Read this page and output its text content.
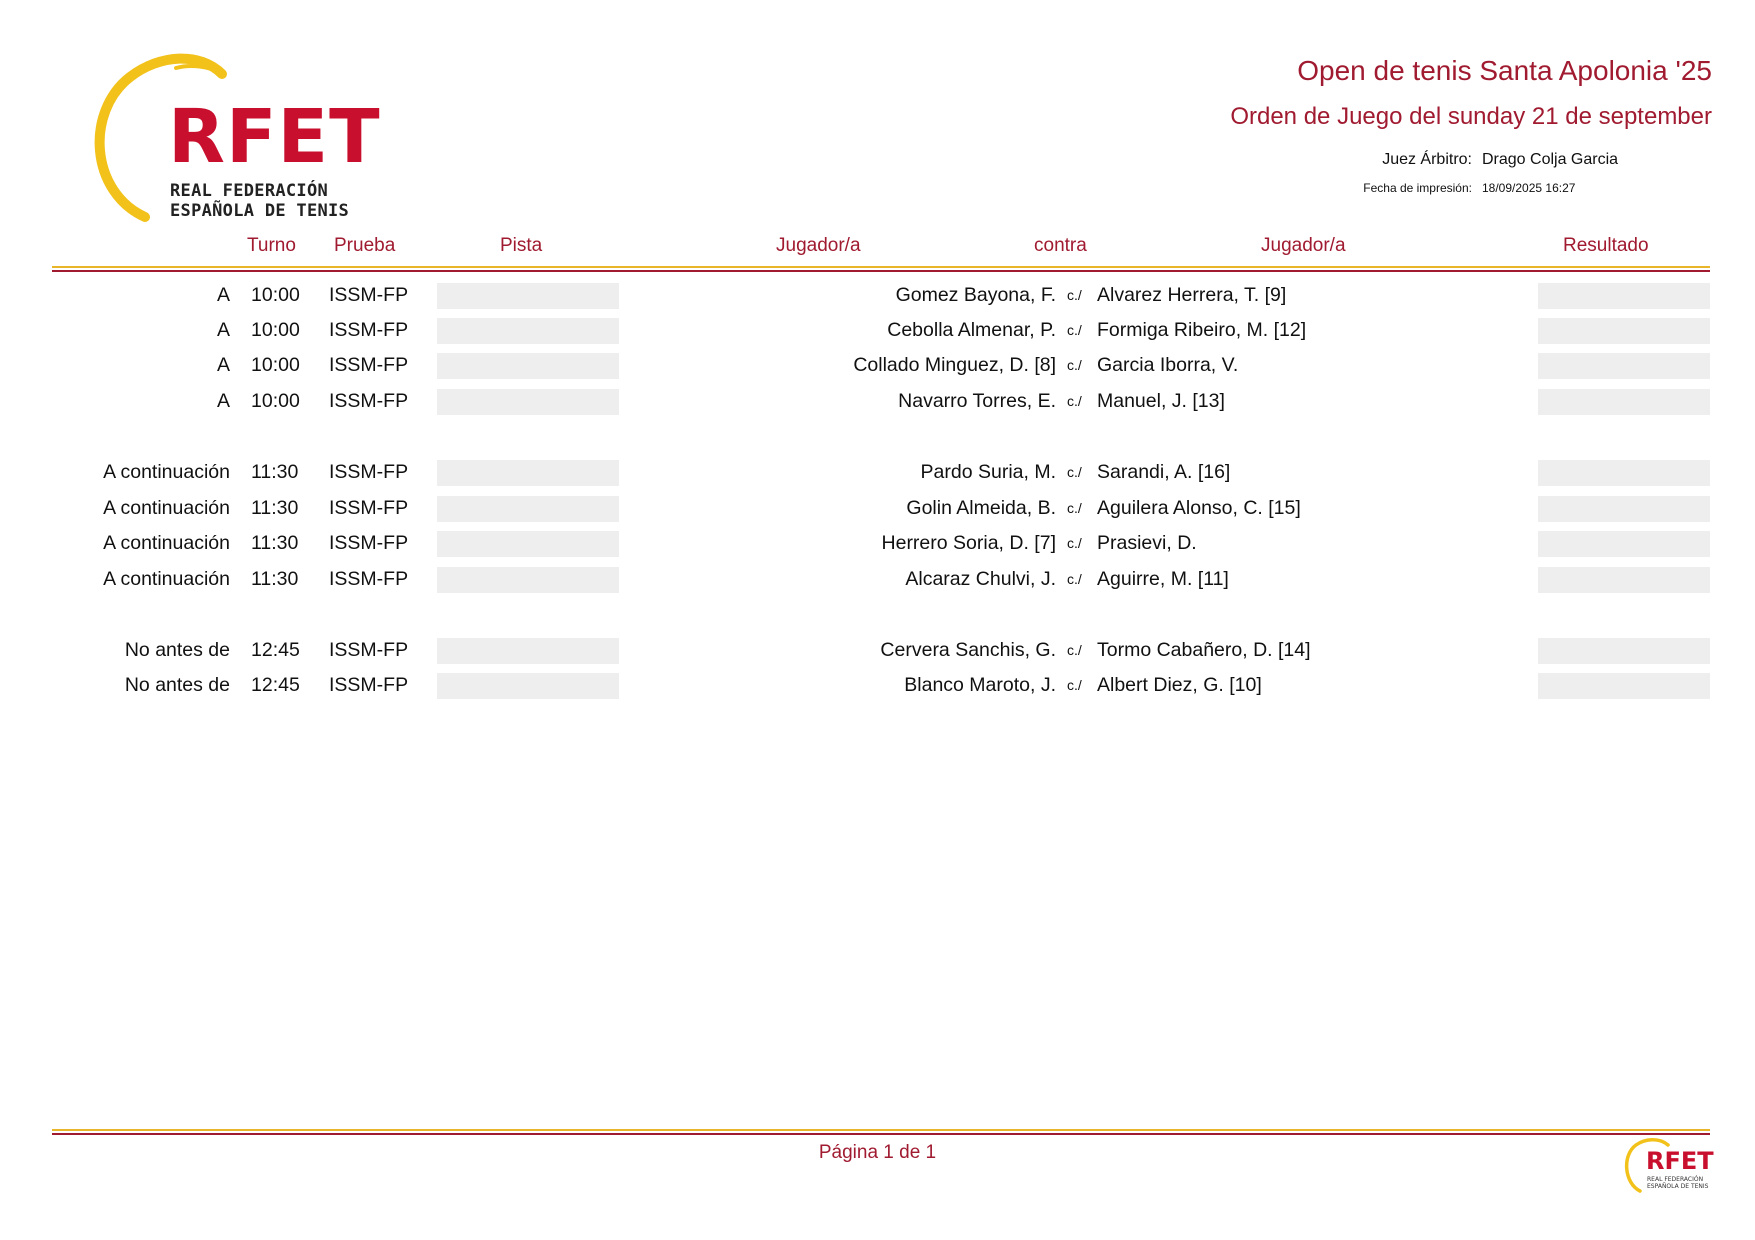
RFET
REAL FEDERACIÓN
ESPAÑOLA DE TENIS
Open de tenis Santa Apolonia '25
Orden de Juego del sunday 21 de september
Juez Árbitro: Drago Colja Garcia
Fecha de impresión: 18/09/2025 16:27
Turno Prueba	Pista	Jugador/a	contra	Jugador/a	Resultado
A 10:00 ISSM-FP	Gomez Bayona, F. c./ Alvarez Herrera, T. [9]
A 10:00 ISSM-FP	Cebolla Almenar, P. c./ Formiga Ribeiro, M. [12]
A 10:00 ISSM-FP	Collado Minguez, D. [8] c./ Garcia Iborra, V.
A 10:00 ISSM-FP	Navarro Torres, E. c./ Manuel, J. [13]
A continuación 11:30 ISSM-FP	Pardo Suria, M. c./ Sarandi, A. [16]
A continuación 11:30 ISSM-FP	Golin Almeida, B. c./ Aguilera Alonso, C. [15]
A continuación 11:30 ISSM-FP	Herrero Soria, D. [7] c./ Prasievi, D.
A continuación 11:30 ISSM-FP	Alcaraz Chulvi, J. c./ Aguirre, M. [11]
No antes de 12:45 ISSM-FP	Cervera Sanchis, G. c./ Tormo Cabañero, D. [14]
No antes de 12:45 ISSM-FP	Blanco Maroto, J. c./ Albert Diez, G. [10]
Página 1 de 1	RFET
REAL FEDERACIÓN
ESPAÑOLA DE TENIS
